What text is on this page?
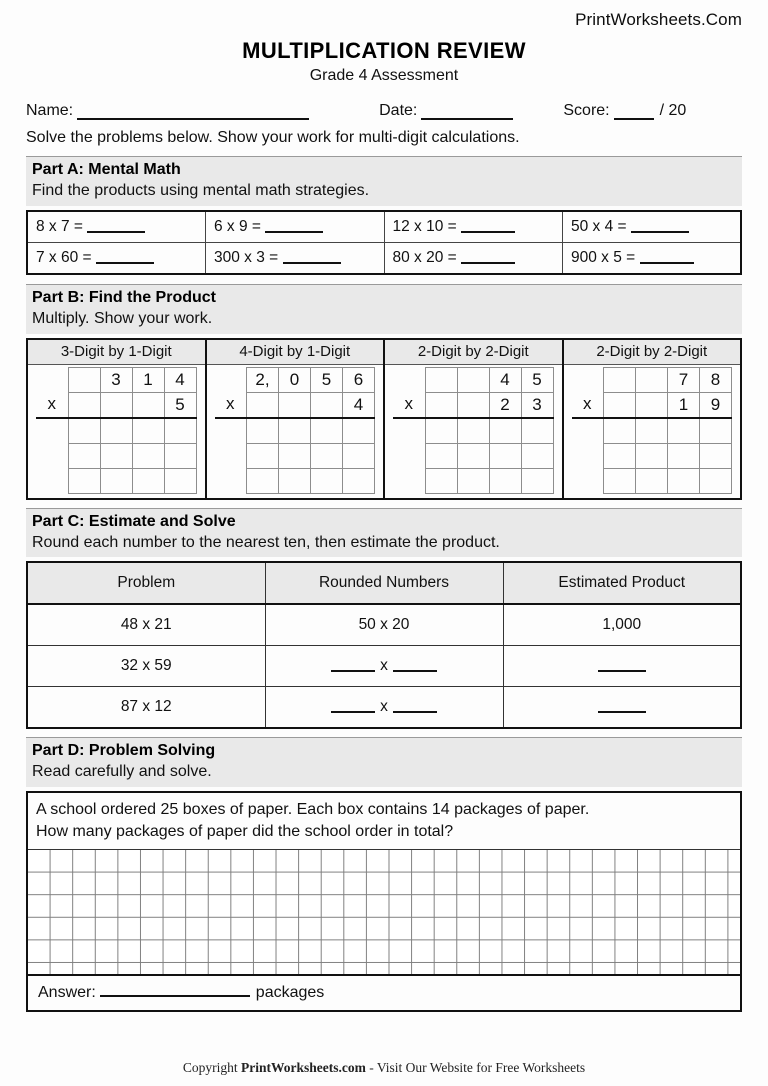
PrintWorksheets.Com
MULTIPLICATION REVIEW
Grade 4 Assessment
Name:	Date:	Score:	/ 20
Solve the problems below. Show your work for multi-digit calculations.
Part A: Mental Math
Find the products using mental math strategies.
8 x 7 =	6 x 9 =	12 x 10 =	50 x 4 =
7 x 60 =	300 x 3 =	80 x 20 =	900 x 5 =
Part B: Find the Product
Multiply. Show your work.
3-Digit by 1-Digit
		3	1	4
x				5

4-Digit by 1-Digit
	2,	0	5	6
x				4

2-Digit by 2-Digit
			4	5
x			2	3

2-Digit by 2-Digit
			7	8
x			1	9

Part C: Estimate and Solve
Round each number to the nearest ten, then estimate the product.
Problem	Rounded Numbers	Estimated Product
48 x 21	50 x 20	1,000
32 x 59	x	
87 x 12	x	
Part D: Problem Solving
Read carefully and solve.
A school ordered 25 boxes of paper. Each box contains 14 packages of paper.
How many packages of paper did the school order in total?
Answer:	packages
Copyright PrintWorksheets.com - Visit Our Website for Free Worksheets
